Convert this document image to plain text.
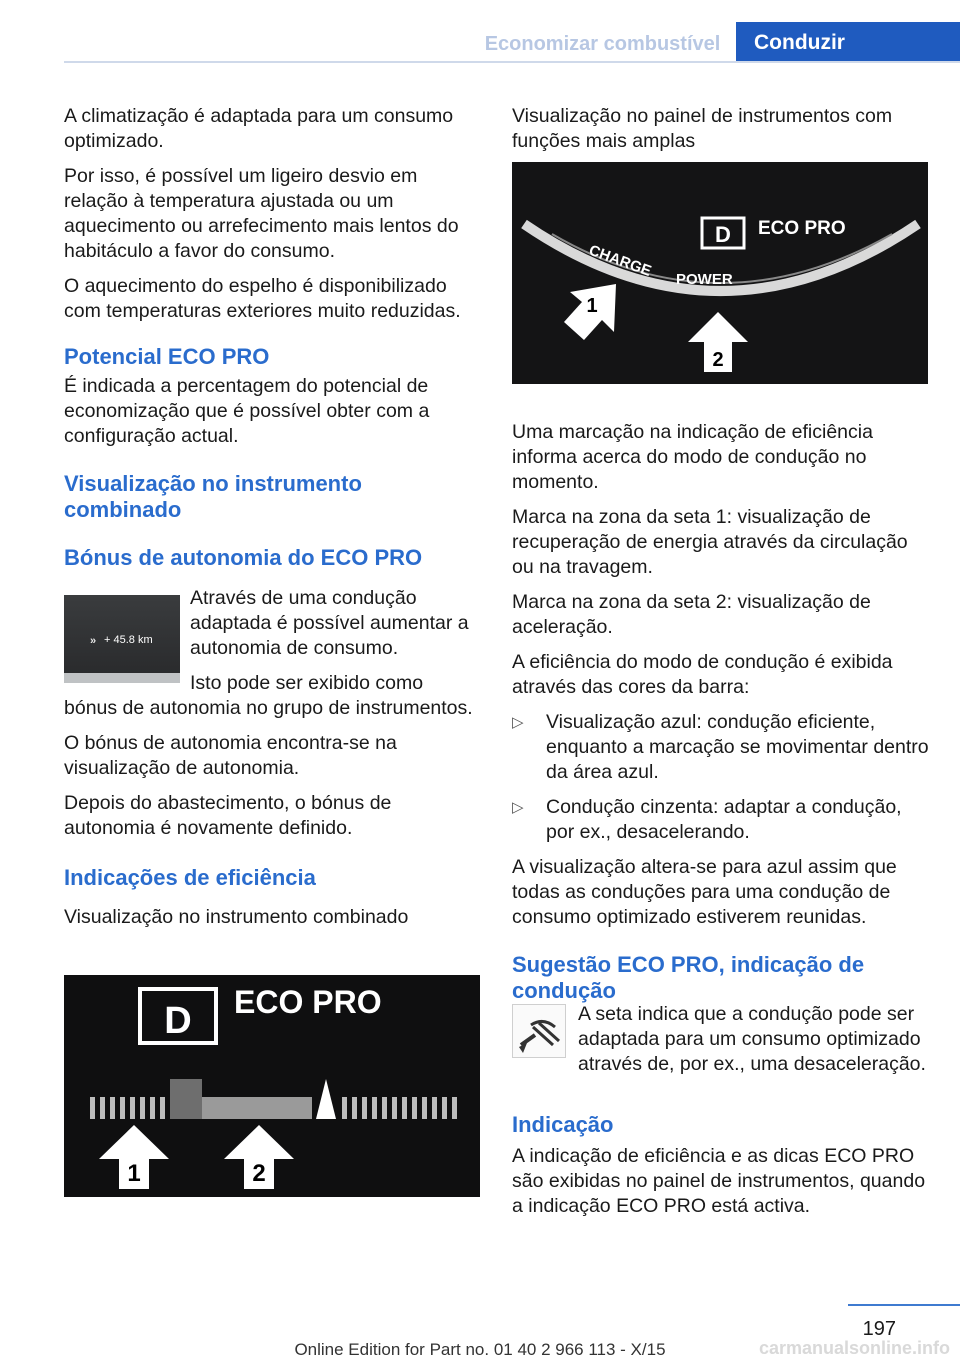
Economizar combustível	Conduzir

A climatização é adaptada para um consumo optimizado.

Por isso, é possível um ligeiro desvio em relação à temperatura ajustada ou um aquecimento ou arrefecimento mais lentos do habitáculo a favor do consumo.

O aquecimento do espelho é disponibilizado com temperaturas exteriores muito reduzidas.

Potencial ECO PRO

É indicada a percentagem do potencial de economização que é possível obter com a configuração actual.

Visualização no instrumento combinado
Bónus de autonomia do ECO PRO
» + 45.8 km

Através de uma condução adaptada é possível aumentar a autonomia de consumo.

Isto pode ser exibido como bónus de autonomia no grupo de instrumentos.

O bónus de autonomia encontra-se na visualização de autonomia.

Depois do abastecimento, o bónus de autonomia é novamente definido.

Indicações de eficiência

Visualização no instrumento combinado

D ECO PRO
1	2

Visualização no painel de instrumentos com funções mais amplas

D ECO PRO
CHARGE POWER
1
2

Uma marcação na indicação de eficiência informa acerca do modo de condução no momento.

Marca na zona da seta 1: visualização de recuperação de energia através da circulação ou na travagem.

Marca na zona da seta 2: visualização de aceleração.

A eficiência do modo de condução é exibida através das cores da barra:

▷ Visualização azul: condução eficiente, enquanto a marcação se movimentar dentro da área azul.
▷ Condução cinzenta: adaptar a condução, por ex., desacelerando.

A visualização altera-se para azul assim que todas as conduções para uma condução de consumo optimizado estiverem reunidas.

Sugestão ECO PRO, indicação de condução

A seta indica que a condução pode ser adaptada para um consumo optimizado através de, por ex., uma desaceleração.

Indicação

A indicação de eficiência e as dicas ECO PRO são exibidas no painel de instrumentos, quando a indicação ECO PRO está activa.

197
Online Edition for Part no. 01 40 2 966 113 - X/15	carmanualsonline.info
